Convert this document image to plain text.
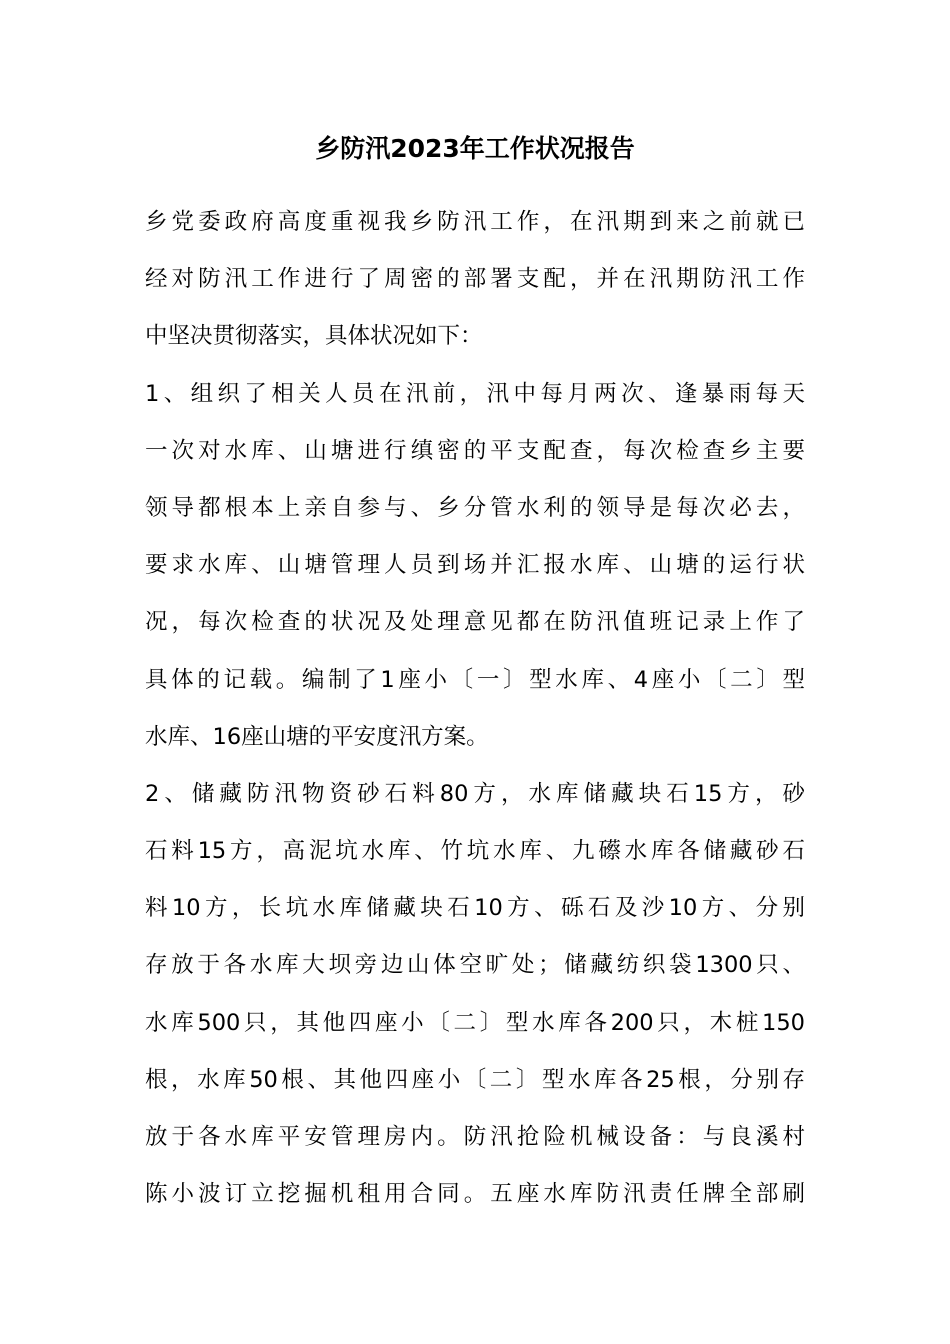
乡防汛2023年工作状况报告
乡党委政府高度重视我乡防汛工作，在汛期到来之前就已
经对防汛工作进行了周密的部署支配，并在汛期防汛工作
中坚决贯彻落实，具体状况如下：
1、组织了相关人员在汛前，汛中每月两次、逢暴雨每天
一次对水库、山塘进行缜密的平支配查，每次检查乡主要
领导都根本上亲自参与、乡分管水利的领导是每次必去，
要求水库、山塘管理人员到场并汇报水库、山塘的运行状
况，每次检查的状况及处理意见都在防汛值班记录上作了
具体的记载。编制了1座小〔一〕型水库、4座小〔二〕型
水库、16座山塘的平安度汛方案。
2、储藏防汛物资砂石料80方，水库储藏块石15方，砂
石料15方，高泥坑水库、竹坑水库、九礤水库各储藏砂石
料10方，长坑水库储藏块石10方、砾石及沙10方、分别
存放于各水库大坝旁边山体空旷处；储藏纺织袋1300只、
水库500只，其他四座小〔二〕型水库各200只，木桩150
根，水库50根、其他四座小〔二〕型水库各25根，分别存
放于各水库平安管理房内。防汛抢险机械设备：与良溪村
陈小波订立挖掘机租用合同。五座水库防汛责任牌全部刷
